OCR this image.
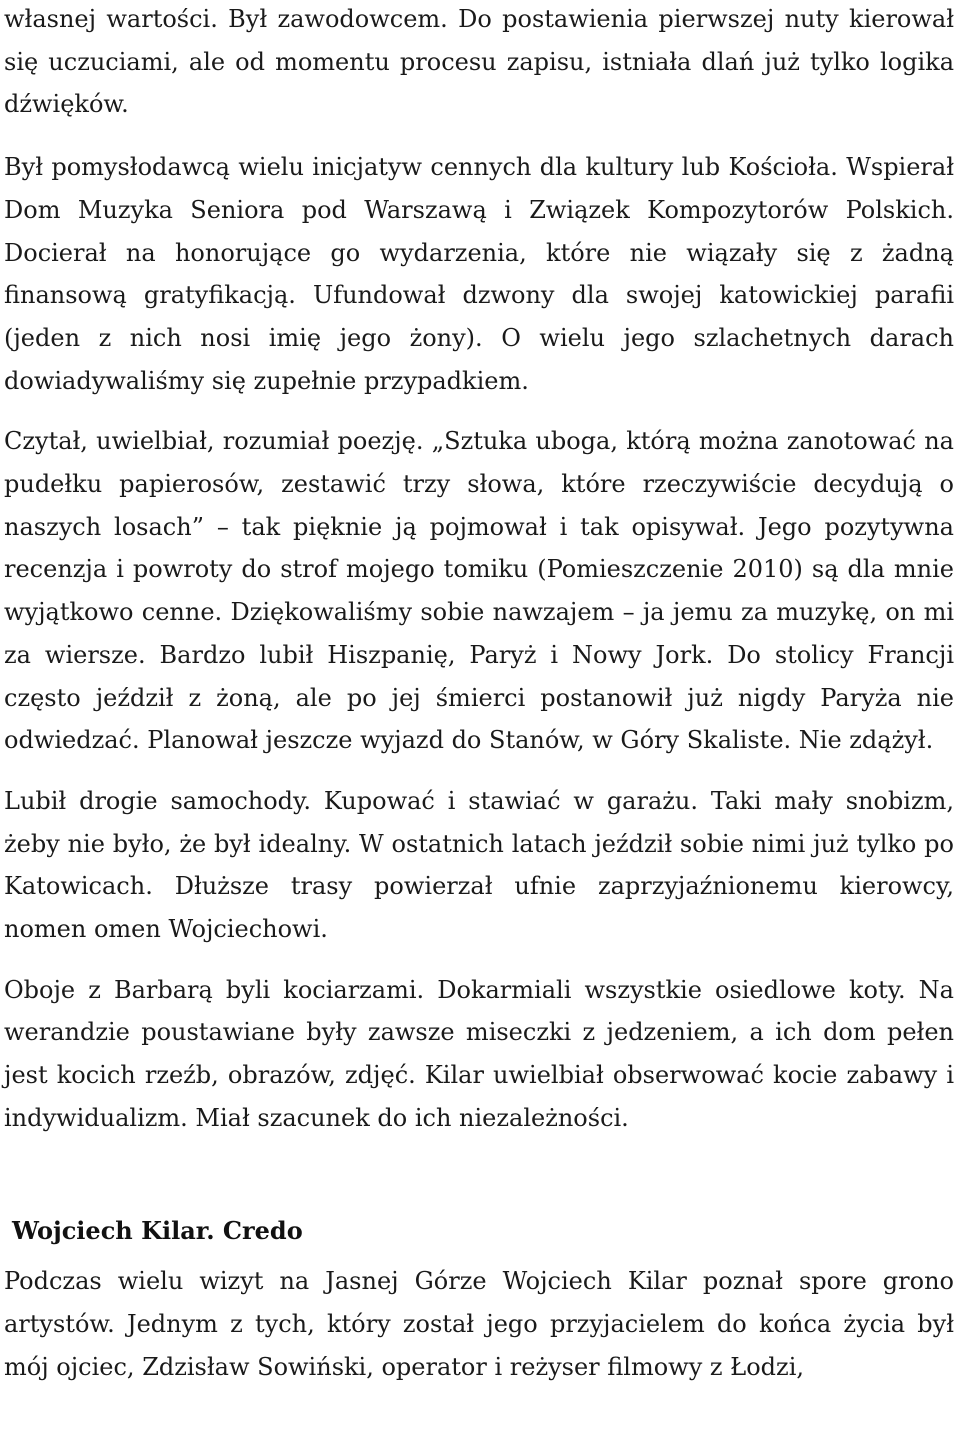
własnej wartości. Był zawodowcem. Do postawienia pierwszej nuty kierował się uczuciami, ale od momentu procesu zapisu, istniała dlań już tylko logika dźwięków.

Był pomysłodawcą wielu inicjatyw cennych dla kultury lub Kościoła. Wspierał Dom Muzyka Seniora pod Warszawą i Związek Kompozytorów Polskich. Docierał na honorujące go wydarzenia, które nie wiązały się z żadną finansową gratyfikacją. Ufundował dzwony dla swojej katowickiej parafii (jeden z nich nosi imię jego żony). O wielu jego szlachetnych darach dowiadywaliśmy się zupełnie przypadkiem.

Czytał, uwielbiał, rozumiał poezję. „Sztuka uboga, którą można zanotować na pudełku papierosów, zestawić trzy słowa, które rzeczywiście decydują o naszych losach” – tak pięknie ją pojmował i tak opisywał. Jego pozytywna recenzja i powroty do strof mojego tomiku (Pomieszczenie 2010) są dla mnie wyjątkowo cenne. Dziękowaliśmy sobie nawzajem – ja jemu za muzykę, on mi za wiersze. Bardzo lubił Hiszpanię, Paryż i Nowy Jork. Do stolicy Francji często jeździł z żoną, ale po jej śmierci postanowił już nigdy Paryża nie odwiedzać. Planował jeszcze wyjazd do Stanów, w Góry Skaliste. Nie zdążył.

Lubił drogie samochody. Kupować i stawiać w garażu. Taki mały snobizm, żeby nie było, że był idealny. W ostatnich latach jeździł sobie nimi już tylko po Katowicach. Dłuższe trasy powierzał ufnie zaprzyjaźnionemu kierowcy, nomen omen Wojciechowi.

Oboje z Barbarą byli kociarzami. Dokarmiali wszystkie osiedlowe koty. Na werandzie poustawiane były zawsze miseczki z jedzeniem, a ich dom pełen jest kocich rzeźb, obrazów, zdjęć. Kilar uwielbiał obserwować kocie zabawy i indywidualizm. Miał szacunek do ich niezależności.

Wojciech Kilar. Credo

Podczas wielu wizyt na Jasnej Górze Wojciech Kilar poznał spore grono artystów. Jednym z tych, który został jego przyjacielem do końca życia był mój ojciec, Zdzisław Sowiński, operator i reżyser filmowy z Łodzi,
